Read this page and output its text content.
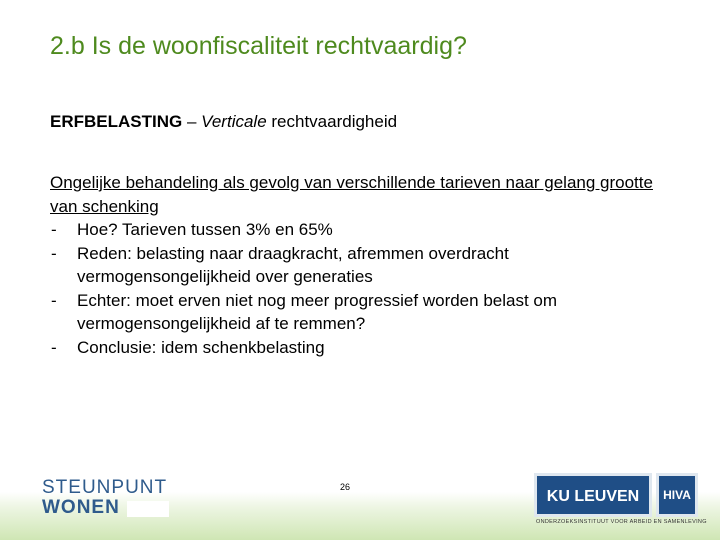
2.b Is de woonfiscaliteit rechtvaardig?

ERFBELASTING – Verticale rechtvaardigheid

Ongelijke behandeling als gevolg van verschillende tarieven naar gelang grootte van schenking
- Hoe? Tarieven tussen 3% en 65%
- Reden: belasting naar draagkracht, afremmen overdracht vermogensongelijkheid over generaties
- Echter: moet erven niet nog meer progressief worden belast om vermogensongelijkheid af te remmen?
- Conclusie: idem schenkbelasting
STEUNPUNT
WONEN
26
KU LEUVEN	HIVA
ONDERZOEKSINSTITUUT VOOR ARBEID EN SAMENLEVING
